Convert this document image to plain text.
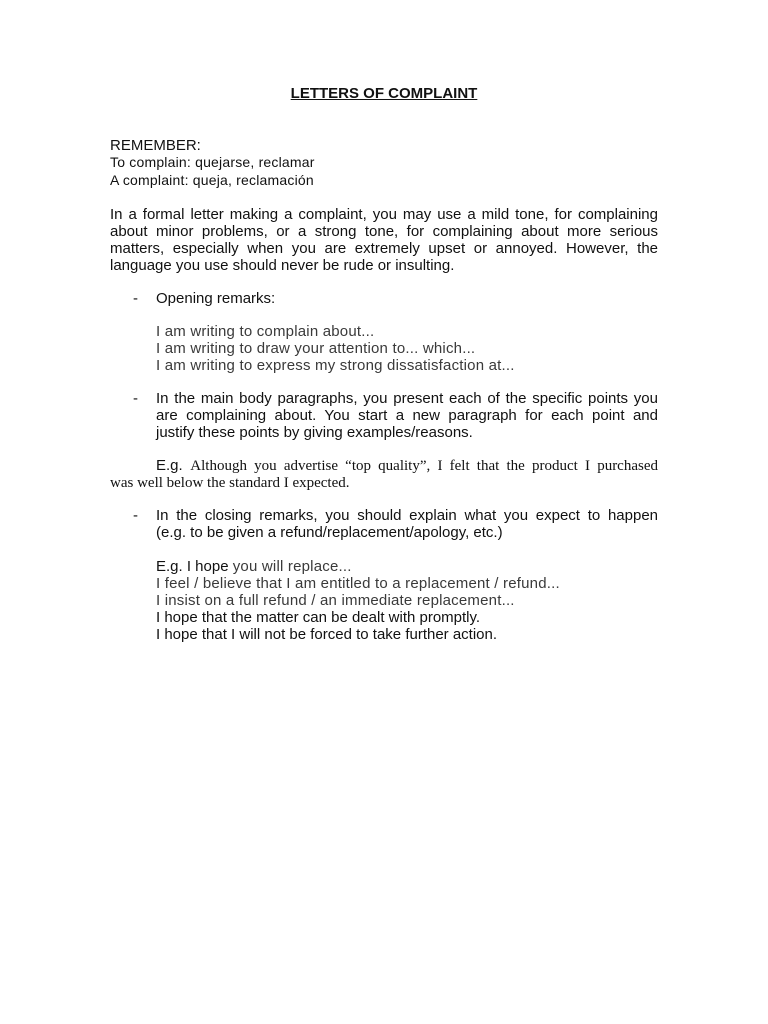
LETTERS OF COMPLAINT
REMEMBER:
To complain: quejarse, reclamar
A complaint: queja, reclamación
In a formal letter making a complaint, you may use a mild tone, for complaining
about minor problems, or a strong tone, for complaining about more serious
matters, especially when you are extremely upset or annoyed. However, the
language you use should never be rude or insulting.
- Opening remarks:
I am writing to complain about...
I am writing to draw your attention to... which...
I am writing to express my strong dissatisfaction at...
- In the main body paragraphs, you present each of the specific points you
are complaining about. You start a new paragraph for each point and
justify these points by giving examples/reasons.
E.g. Although you advertise “top quality”, I felt that the product I purchased
was well below the standard I expected.
- In the closing remarks, you should explain what you expect to happen
(e.g. to be given a refund/replacement/apology, etc.)
E.g. I hope you will replace...
I feel / believe that I am entitled to a replacement / refund...
I insist on a full refund / an immediate replacement...
I hope that the matter can be dealt with promptly.
I hope that I will not be forced to take further action.
